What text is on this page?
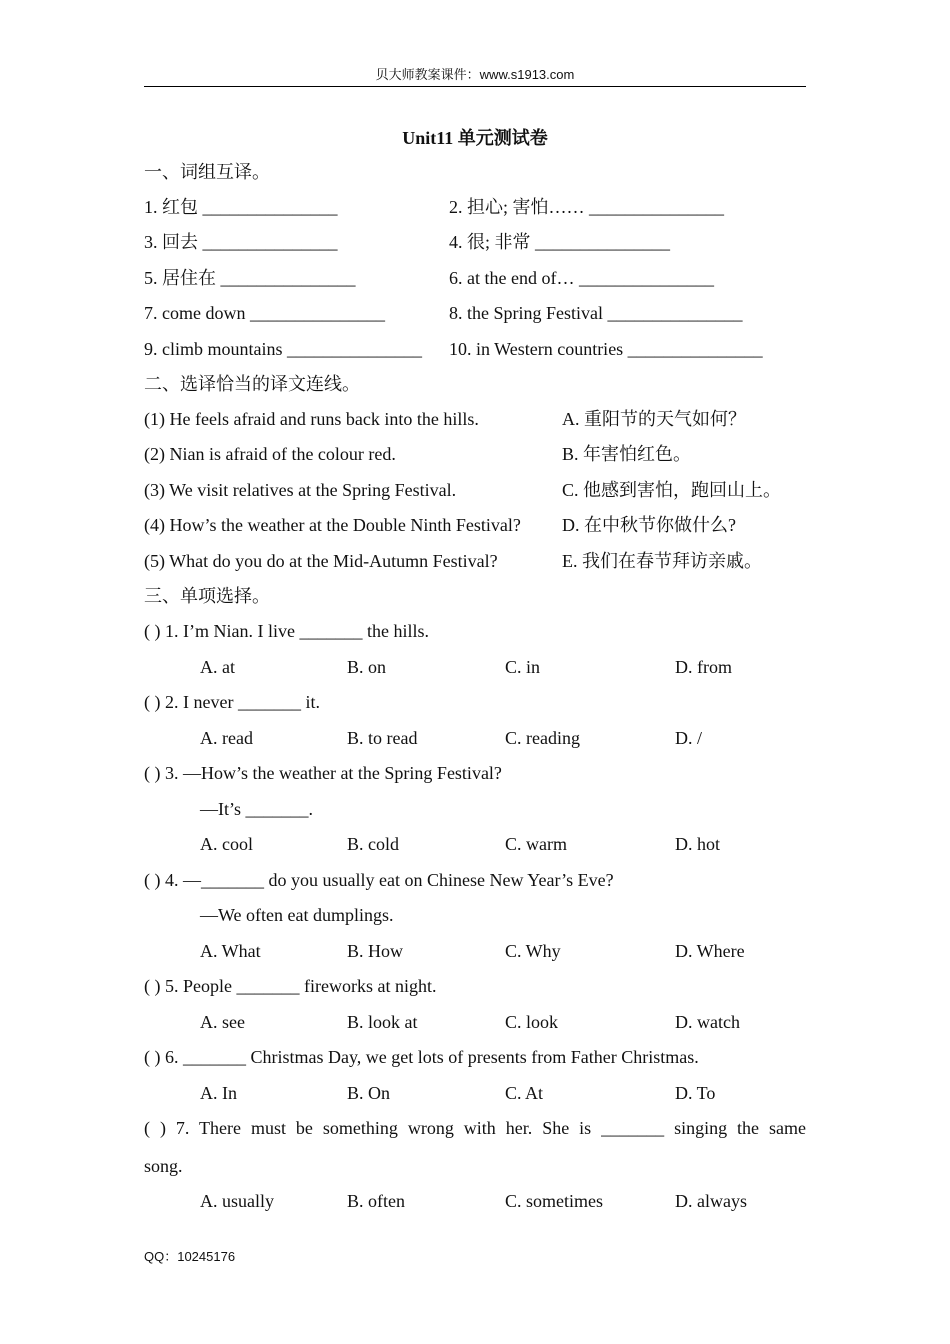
贝大师教案课件：www.s1913.com
Unit11 单元测试卷
一、词组互译。
1. 红包 _______________	2. 担心; 害怕…… _______________
3. 回去 _______________	4. 很; 非常 _______________
5. 居住在 _______________	6. at the end of… _______________
7. come down _______________	8. the Spring Festival _______________
9. climb mountains _______________ 10. in Western countries _______________
二、选译恰当的译文连线。
(1) He feels afraid and runs back into the hills.	A. 重阳节的天气如何？
(2) Nian is afraid of the colour red.	B. 年害怕红色。
(3) We visit relatives at the Spring Festival.	C. 他感到害怕，跑回山上。
(4) How’s the weather at the Double Ninth Festival? D. 在中秋节你做什么?
(5) What do you do at the Mid-Autumn Festival?	E. 我们在春节拜访亲戚。
三、单项选择。
( ) 1. I’m Nian. I live _______ the hills.
A. at	B. on	C. in	D. from
( ) 2. I never _______ it.
A. read	B. to read	C. reading	D. /
( ) 3. —How’s the weather at the Spring Festival?
—It’s _______.
A. cool	B. cold	C. warm	D. hot
( ) 4. —_______ do you usually eat on Chinese New Year’s Eve?
—We often eat dumplings.
A. What	B. How	C. Why	D. Where
( ) 5. People _______ fireworks at night.
A. see	B. look at	C. look	D. watch
( ) 6. _______ Christmas Day, we get lots of presents from Father Christmas.
A. In	B. On	C. At	D. To
( ) 7. There must be something wrong with her. She is _______ singing the same
song.
A. usually	B. often	C. sometimes	D. always
QQ：10245176
